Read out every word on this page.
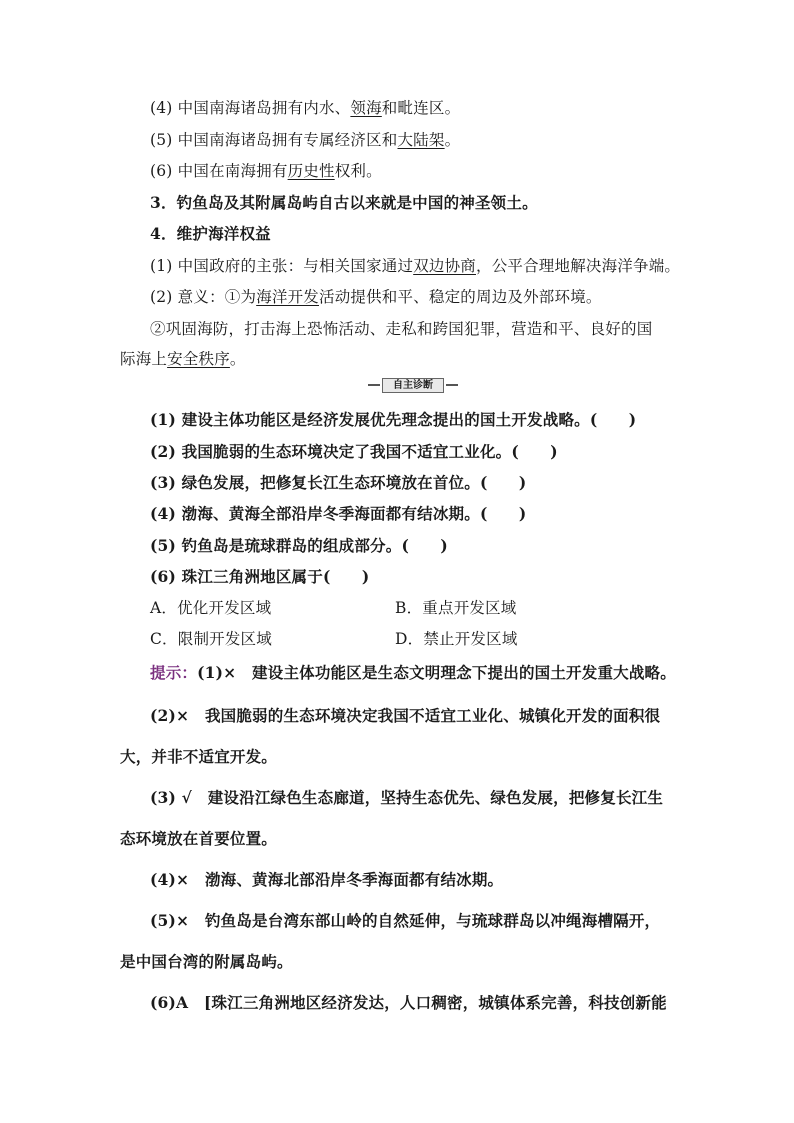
(4) 中国南海诸岛拥有内水、领海和毗连区。
(5) 中国南海诸岛拥有专属经济区和大陆架。
(6) 中国在南海拥有历史性权利。
3．钓鱼岛及其附属岛屿自古以来就是中国的神圣领土。
4．维护海洋权益
(1) 中国政府的主张：与相关国家通过双边协商，公平合理地解决海洋争端。
(2) 意义：①为海洋开发活动提供和平、稳定的周边及外部环境。
②巩固海防，打击海上恐怖活动、走私和跨国犯罪，营造和平、良好的国
际海上安全秩序。
自主诊断
(1) 建设主体功能区是经济发展优先理念提出的国土开发战略。(　　)
(2) 我国脆弱的生态环境决定了我国不适宜工业化。(　　)
(3) 绿色发展，把修复长江生态环境放在首位。(　　)
(4) 渤海、黄海全部沿岸冬季海面都有结冰期。(　　)
(5) 钓鱼岛是琉球群岛的组成部分。(　　)
(6) 珠江三角洲地区属于(　　)
A．优化开发区域	B．重点开发区域
C．限制开发区域	D．禁止开发区域
提示：(1)×　建设主体功能区是生态文明理念下提出的国土开发重大战略。
(2)×　我国脆弱的生态环境决定我国不适宜工业化、城镇化开发的面积很
大，并非不适宜开发。
(3) √　建设沿江绿色生态廊道，坚持生态优先、绿色发展，把修复长江生
态环境放在首要位置。
(4)×　渤海、黄海北部沿岸冬季海面都有结冰期。
(5)×　钓鱼岛是台湾东部山岭的自然延伸，与琉球群岛以冲绳海槽隔开，
是中国台湾的附属岛屿。
(6)A　[珠江三角洲地区经济发达，人口稠密，城镇体系完善，科技创新能
